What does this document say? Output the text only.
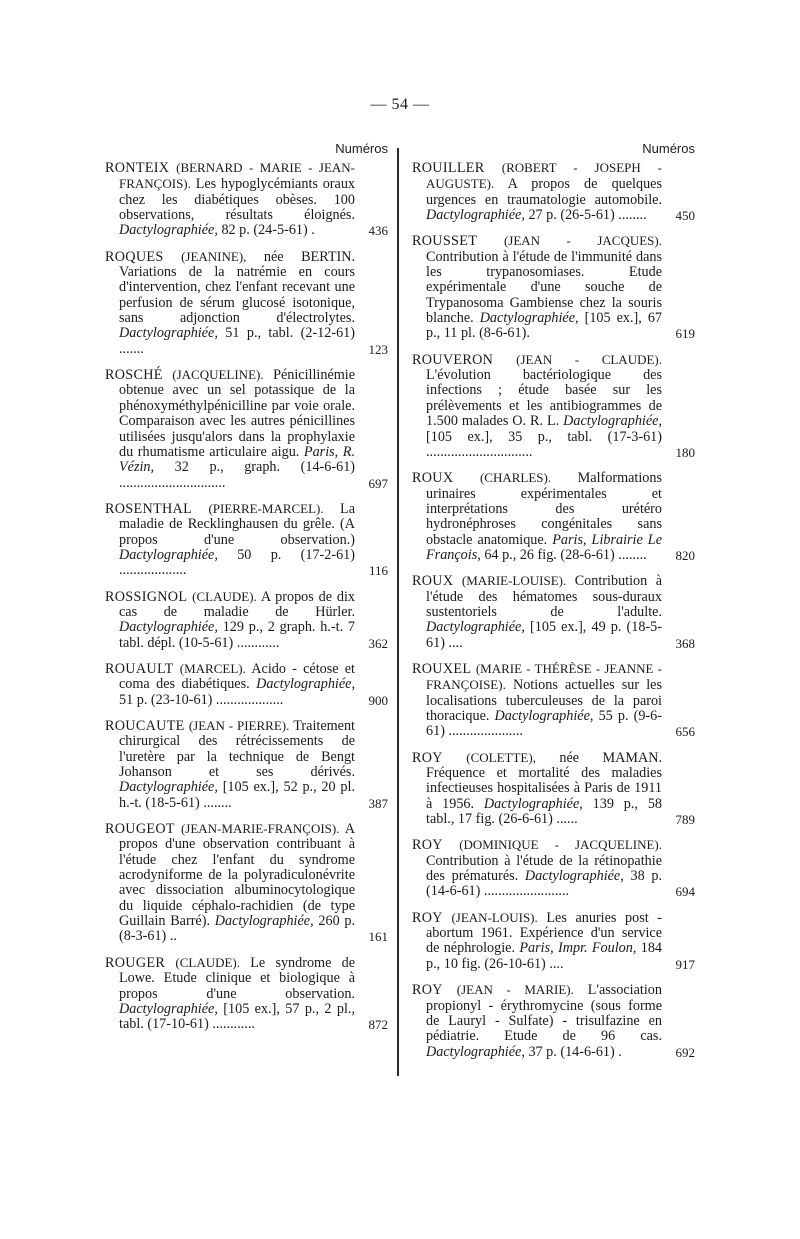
— 54 —
Numéros
RONTEIX (BERNARD - MARIE - JEAN-FRANÇOIS). Les hypoglycémiants oraux chez les diabétiques obèses. 100 observations, résultats éloignés. Dactylographiée, 82 p. (24-5-61) .	436
ROQUES (JEANINE), née BERTIN. Variations de la natrémie en cours d'intervention, chez l'enfant recevant une perfusion de sérum glucosé isotonique, sans adjonction d'électrolytes. Dactylographiée, 51 p., tabl. (2-12-61) .......	123
ROSCHÉ (JACQUELINE). Pénicillinémie obtenue avec un sel potassique de la phénoxyméthylpénicilline par voie orale. Comparaison avec les autres pénicillines utilisées jusqu'alors dans la prophylaxie du rhumatisme articulaire aigu. Paris, R. Vézin, 32 p., graph. (14-6-61) ..............................	697
ROSENTHAL (PIERRE-MARCEL). La maladie de Recklinghausen du grêle. (A propos d'une observation.) Dactylographiée, 50 p. (17-2-61) ...................	116
ROSSIGNOL (CLAUDE). A propos de dix cas de maladie de Hürler. Dactylographiée, 129 p., 2 graph. h.-t. 7 tabl. dépl. (10-5-61) ............	362
ROUAULT (MARCEL). Acido - cétose et coma des diabétiques. Dactylographiée, 51 p. (23-10-61) ...................	900
ROUCAUTE (JEAN - PIERRE). Traitement chirurgical des rétrécissements de l'uretère par la technique de Bengt Johanson et ses dérivés. Dactylographiée, [105 ex.], 52 p., 20 pl. h.-t. (18-5-61) ........	387
ROUGEOT (JEAN-MARIE-FRANÇOIS). A propos d'une observation contribuant à l'étude chez l'enfant du syndrome acrodyniforme de la polyradiculonévrite avec dissociation albuminocytologique du liquide céphalo-rachidien (de type Guillain Barré). Dactylographiée, 260 p. (8-3-61) ..	161
ROUGER (CLAUDE). Le syndrome de Lowe. Etude clinique et biologique à propos d'une observation. Dactylographiée, [105 ex.], 57 p., 2 pl., tabl. (17-10-61) ............	872
Numéros
ROUILLER (ROBERT - JOSEPH - AUGUSTE). A propos de quelques urgences en traumatologie automobile. Dactylographiée, 27 p. (26-5-61) ........	450
ROUSSET (JEAN - JACQUES). Contribution à l'étude de l'immunité dans les trypanosomiases. Etude expérimentale d'une souche de Trypanosoma Gambiense chez la souris blanche. Dactylographiée, [105 ex.], 67 p., 11 pl. (8-6-61).	619
ROUVERON (JEAN - CLAUDE). L'évolution bactériologique des infections ; étude basée sur les prélèvements et les antibiogrammes de 1.500 malades O. R. L. Dactylographiée, [105 ex.], 35 p., tabl. (17-3-61) ..............................	180
ROUX (CHARLES). Malformations urinaires expérimentales et interprétations des urétéro hydronéphroses congénitales sans obstacle anatomique. Paris, Librairie Le François, 64 p., 26 fig. (28-6-61) ........	820
ROUX (MARIE-LOUISE). Contribution à l'étude des hématomes sous-duraux sustentoriels de l'adulte. Dactylographiée, [105 ex.], 49 p. (18-5-61) ....	368
ROUXEL (MARIE - THÉRÈSE - JEANNE - FRANÇOISE). Notions actuelles sur les localisations tuberculeuses de la paroi thoracique. Dactylographiée, 55 p. (9-6-61) .....................	656
ROY (COLETTE), née MAMAN. Fréquence et mortalité des maladies infectieuses hospitalisées à Paris de 1911 à 1956. Dactylographiée, 139 p., 58 tabl., 17 fig. (26-6-61) ......	789
ROY (DOMINIQUE - JACQUELINE). Contribution à l'étude de la rétinopathie des prématurés. Dactylographiée, 38 p. (14-6-61) ........................	694
ROY (JEAN-LOUIS). Les anuries post - abortum 1961. Expérience d'un service de néphrologie. Paris, Impr. Foulon, 184 p., 10 fig. (26-10-61) ....	917
ROY (JEAN - MARIE). L'association propionyl - érythromycine (sous forme de Lauryl - Sulfate) - trisulfazine en pédiatrie. Etude de 96 cas. Dactylographiée, 37 p. (14-6-61) .	692
